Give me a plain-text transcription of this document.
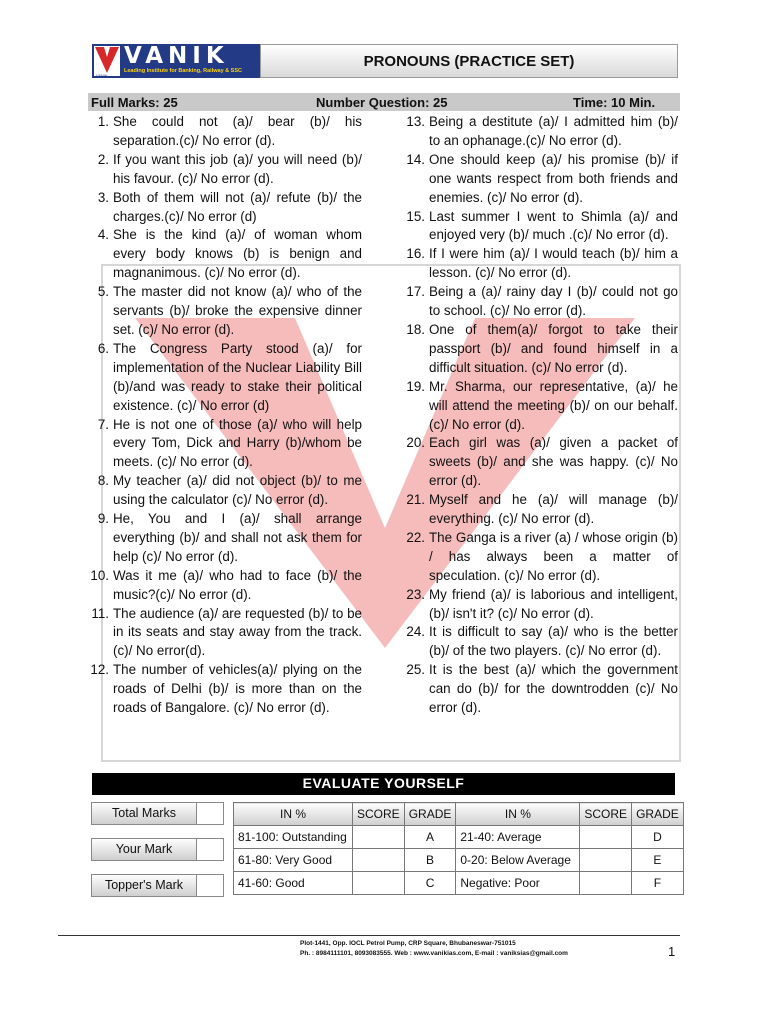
VANIK
VANIK
Leading Institute for Banking, Railway & SSC
PRONOUNS (PRACTICE SET)
Full Marks: 25	Number Question: 25	Time: 10 Min.
1. She could not (a)/ bear (b)/ his separation.(c)/ No error (d).
2. If you want this job (a)/ you will need (b)/ his favour. (c)/ No error (d).
3. Both of them will not (a)/ refute (b)/ the charges.(c)/ No error (d)
4. She is the kind (a)/ of woman whom every body knows (b) is benign and magnanimous. (c)/ No error (d).
5. The master did not know (a)/ who of the servants (b)/ broke the expensive dinner set. (c)/ No error (d).
6. The Congress Party stood (a)/ for implementation of the Nuclear Liability Bill (b)/and was ready to stake their political existence. (c)/ No error (d)
7. He is not one of those (a)/ who will help every Tom, Dick and Harry (b)/whom be meets. (c)/ No error (d).
8. My teacher (a)/ did not object (b)/ to me using the calculator (c)/ No error (d).
9. He, You and I (a)/ shall arrange everything (b)/ and shall not ask them for help (c)/ No error (d).
10. Was it me (a)/ who had to face (b)/ the music?(c)/ No error (d).
11. The audience (a)/ are requested (b)/ to be in its seats and stay away from the track. (c)/ No error(d).
12. The number of vehicles(a)/ plying on the roads of Delhi (b)/ is more than on the roads of Bangalore. (c)/ No error (d).
13. Being a destitute (a)/ I admitted him (b)/ to an ophanage.(c)/ No error (d).
14. One should keep (a)/ his promise (b)/ if one wants respect from both friends and enemies. (c)/ No error (d).
15. Last summer I went to Shimla (a)/ and enjoyed very (b)/ much .(c)/ No error (d).
16. If I were him (a)/ I would teach (b)/ him a lesson. (c)/ No error (d).
17. Being a (a)/ rainy day I (b)/ could not go to school. (c)/ No error (d).
18. One of them(a)/ forgot to take their passport (b)/ and found himself in a difficult situation. (c)/ No error (d).
19. Mr. Sharma, our representative, (a)/ he will attend the meeting (b)/ on our behalf. (c)/ No error (d).
20. Each girl was (a)/ given a packet of sweets (b)/ and she was happy. (c)/ No error (d).
21. Myself and he (a)/ will manage (b)/ everything. (c)/ No error (d).
22. The Ganga is a river (a) / whose origin (b) / has always been a matter of speculation. (c)/ No error (d).
23. My friend (a)/ is laborious and intelligent, (b)/ isn't it? (c)/ No error (d).
24. It is difficult to say (a)/ who is the better (b)/ of the two players. (c)/ No error (d).
25. It is the best (a)/ which the government can do (b)/ for the downtrodden (c)/ No error (d).
EVALUATE YOURSELF
Total Marks
Your Mark
Topper's Mark
IN %	SCORE	GRADE	IN %	SCORE	GRADE
81-100: Outstanding		A	21-40: Average		D
61-80: Very Good		B	0-20: Below Average		E
41-60: Good		C	Negative: Poor		F
Plot-1441, Opp. IOCL Petrol Pump, CRP Square, Bhubaneswar-751015
Ph. : 8984111101, 8093083555. Web : www.vanikias.com, E-mail : vaniksias@gmail.com	1
